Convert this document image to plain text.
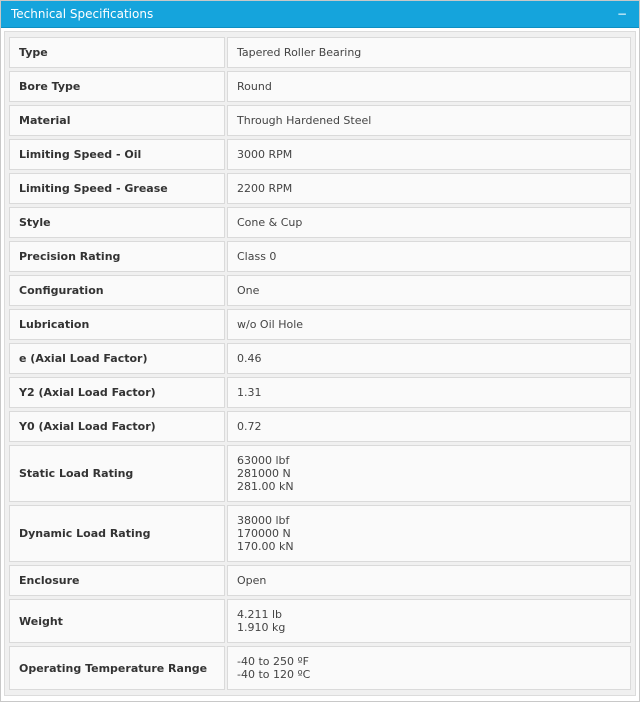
Technical Specifications	−
Type	Tapered Roller Bearing

Bore Type	Round

Material	Through Hardened Steel

Limiting Speed - Oil	3000 RPM

Limiting Speed - Grease	2200 RPM

Style	Cone & Cup

Precision Rating	Class 0

Configuration	One

Lubrication	w/o Oil Hole

e (Axial Load Factor)	0.46

Y2 (Axial Load Factor)	1.31

Y0 (Axial Load Factor)	0.72

Static Load Rating	63000 lbf
281000 N
281.00 kN

Dynamic Load Rating	38000 lbf
170000 N
170.00 kN

Enclosure	Open

Weight	4.211 lb
1.910 kg

Operating Temperature Range	-40 to 250 ºF
-40 to 120 ºC
